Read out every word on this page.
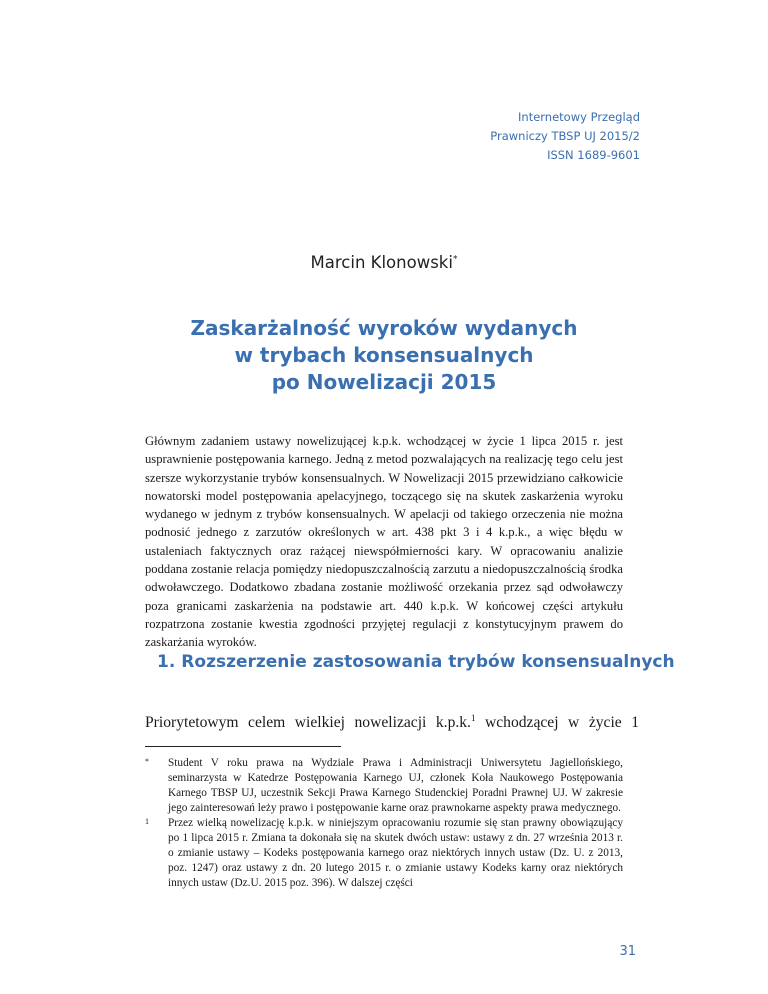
Internetowy Przegląd
Prawniczy TBSP UJ 2015/2
ISSN 1689-9601
Marcin Klonowski*
Zaskarżalność wyroków wydanych
w trybach konsensualnych
po Nowelizacji 2015
Głównym zadaniem ustawy nowelizującej k.p.k. wchodzącej w życie 1 lipca 2015 r. jest usprawnienie postępowania karnego. Jedną z metod pozwalających na realizację tego celu jest szersze wykorzystanie trybów konsensualnych. W Nowelizacji 2015 przewidziano całkowicie nowatorski model postępowania apelacyjnego, toczącego się na skutek zaskarżenia wyroku wydanego w jednym z trybów konsensualnych. W apelacji od takiego orzeczenia nie można podnosić jednego z zarzutów określonych w art. 438 pkt 3 i 4 k.p.k., a więc błędu w ustaleniach faktycznych oraz rażącej niewspółmierności kary. W opracowaniu analizie poddana zostanie relacja pomiędzy niedopuszczalnością zarzutu a niedopuszczalnością środka odwoławczego. Dodatkowo zbadana zostanie możliwość orzekania przez sąd odwoławczy poza granicami zaskarżenia na podstawie art. 440 k.p.k. W końcowej części artykułu rozpatrzona zostanie kwestia zgodności przyjętej regulacji z konstytucyjnym prawem do zaskarżania wyroków.
1. Rozszerzenie zastosowania trybów konsensualnych
Priorytetowym celem wielkiej nowelizacji k.p.k.$^1$ wchodzącej w życie 1
* Student V roku prawa na Wydziale Prawa i Administracji Uniwersytetu Jagiellońskiego, seminarzysta w Katedrze Postępowania Karnego UJ, członek Koła Naukowego Postępowania Karnego TBSP UJ, uczestnik Sekcji Prawa Karnego Studenckiej Poradni Prawnej UJ. W zakresie jego zainteresowań leży prawo i postępowanie karne oraz prawnokarne aspekty prawa medycznego.
1 Przez wielką nowelizację k.p.k. w niniejszym opracowaniu rozumie się stan prawny obowiązujący po 1 lipca 2015 r. Zmiana ta dokonała się na skutek dwóch ustaw: ustawy z dn. 27 września 2013 r. o zmianie ustawy – Kodeks postępowania karnego oraz niektórych innych ustaw (Dz. U. z 2013, poz. 1247) oraz ustawy z dn. 20 lutego 2015 r. o zmianie ustawy Kodeks karny oraz niektórych innych ustaw (Dz.U. 2015 poz. 396). W dalszej części
31
